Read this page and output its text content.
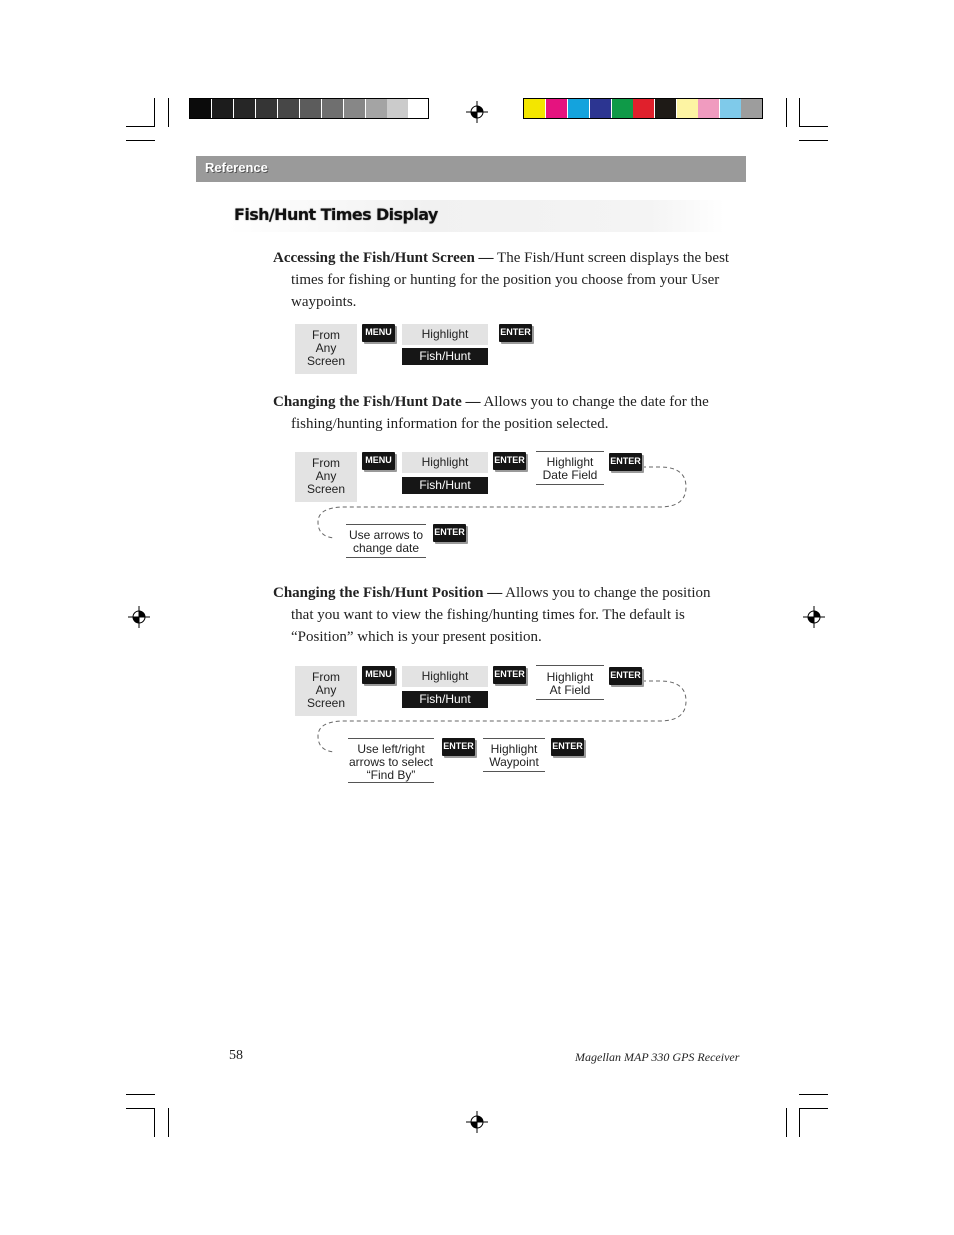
Reference
Fish/Hunt Times Display
Accessing the Fish/Hunt Screen — The Fish/Hunt screen displays the best
times for fishing or hunting for the position you choose from your User waypoints.
From
Any
Screen
MENU	Highlight
Fish/Hunt
ENTER
Changing the Fish/Hunt Date — Allows you to change the date for the
fishing/hunting information for the position selected.
From
Any
Screen
MENU	Highlight
Fish/Hunt
ENTER	Highlight
Date Field
ENTER
Use arrows to
change date
ENTER
Changing the Fish/Hunt Position — Allows you to change the position
that you want to view the fishing/hunting times for. The default is “Position” which is your present position.
From
Any
Screen
MENU	Highlight
Fish/Hunt
ENTER	Highlight
At Field
ENTER
Use left/right
arrows to select
“Find By”
ENTER	Highlight
Waypoint
ENTER
58	Magellan MAP 330 GPS Receiver
